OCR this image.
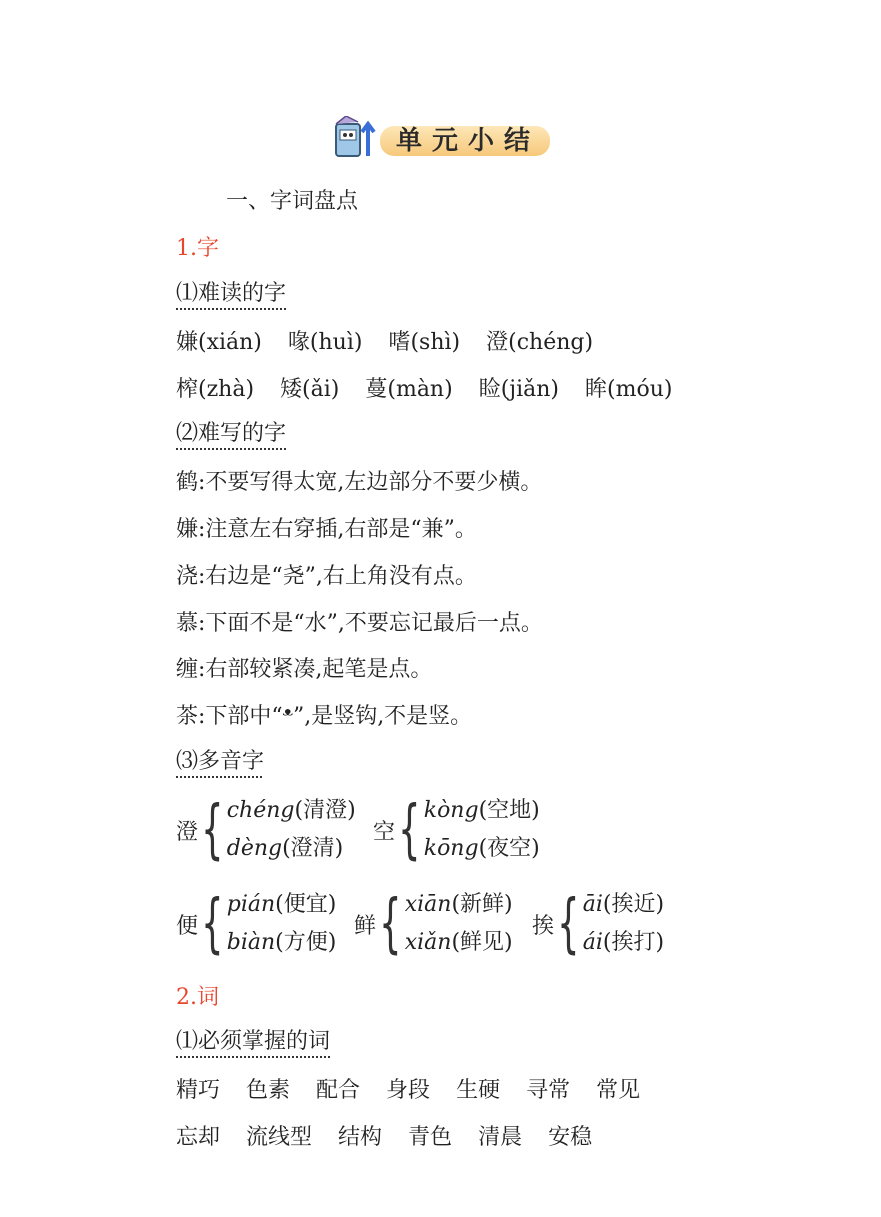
单元小结
一、字词盘点
1.字
⑴难读的字
嫌(xián) 喙(huì) 嗜(shì) 澄(chéng)
榨(zhà) 矮(ǎi) 蔓(màn) 睑(jiǎn) 眸(móu)
⑵难写的字
鹤:不要写得太宽,左边部分不要少横。
嫌:注意左右穿插,右部是“兼”。
浇:右边是“尧”,右上角没有点。
慕:下面不是“水”,不要忘记最后一点。
缠:右部较紧凑,起笔是点。
茶:下部中“ᵜ”,是竖钩,不是竖。
⑶多音字
澄 { chéng(清澄)
dèng(澄清)
空 { kòng(空地)
kōng(夜空)
便 { pián(便宜)
biàn(方便)
鲜 { xiān(新鲜)
xiǎn(鲜见)
挨 { āi(挨近)
ái(挨打)
2.词
⑴必须掌握的词
精巧 色素 配合 身段 生硬 寻常 常见
忘却 流线型 结构 青色 清晨 安稳
